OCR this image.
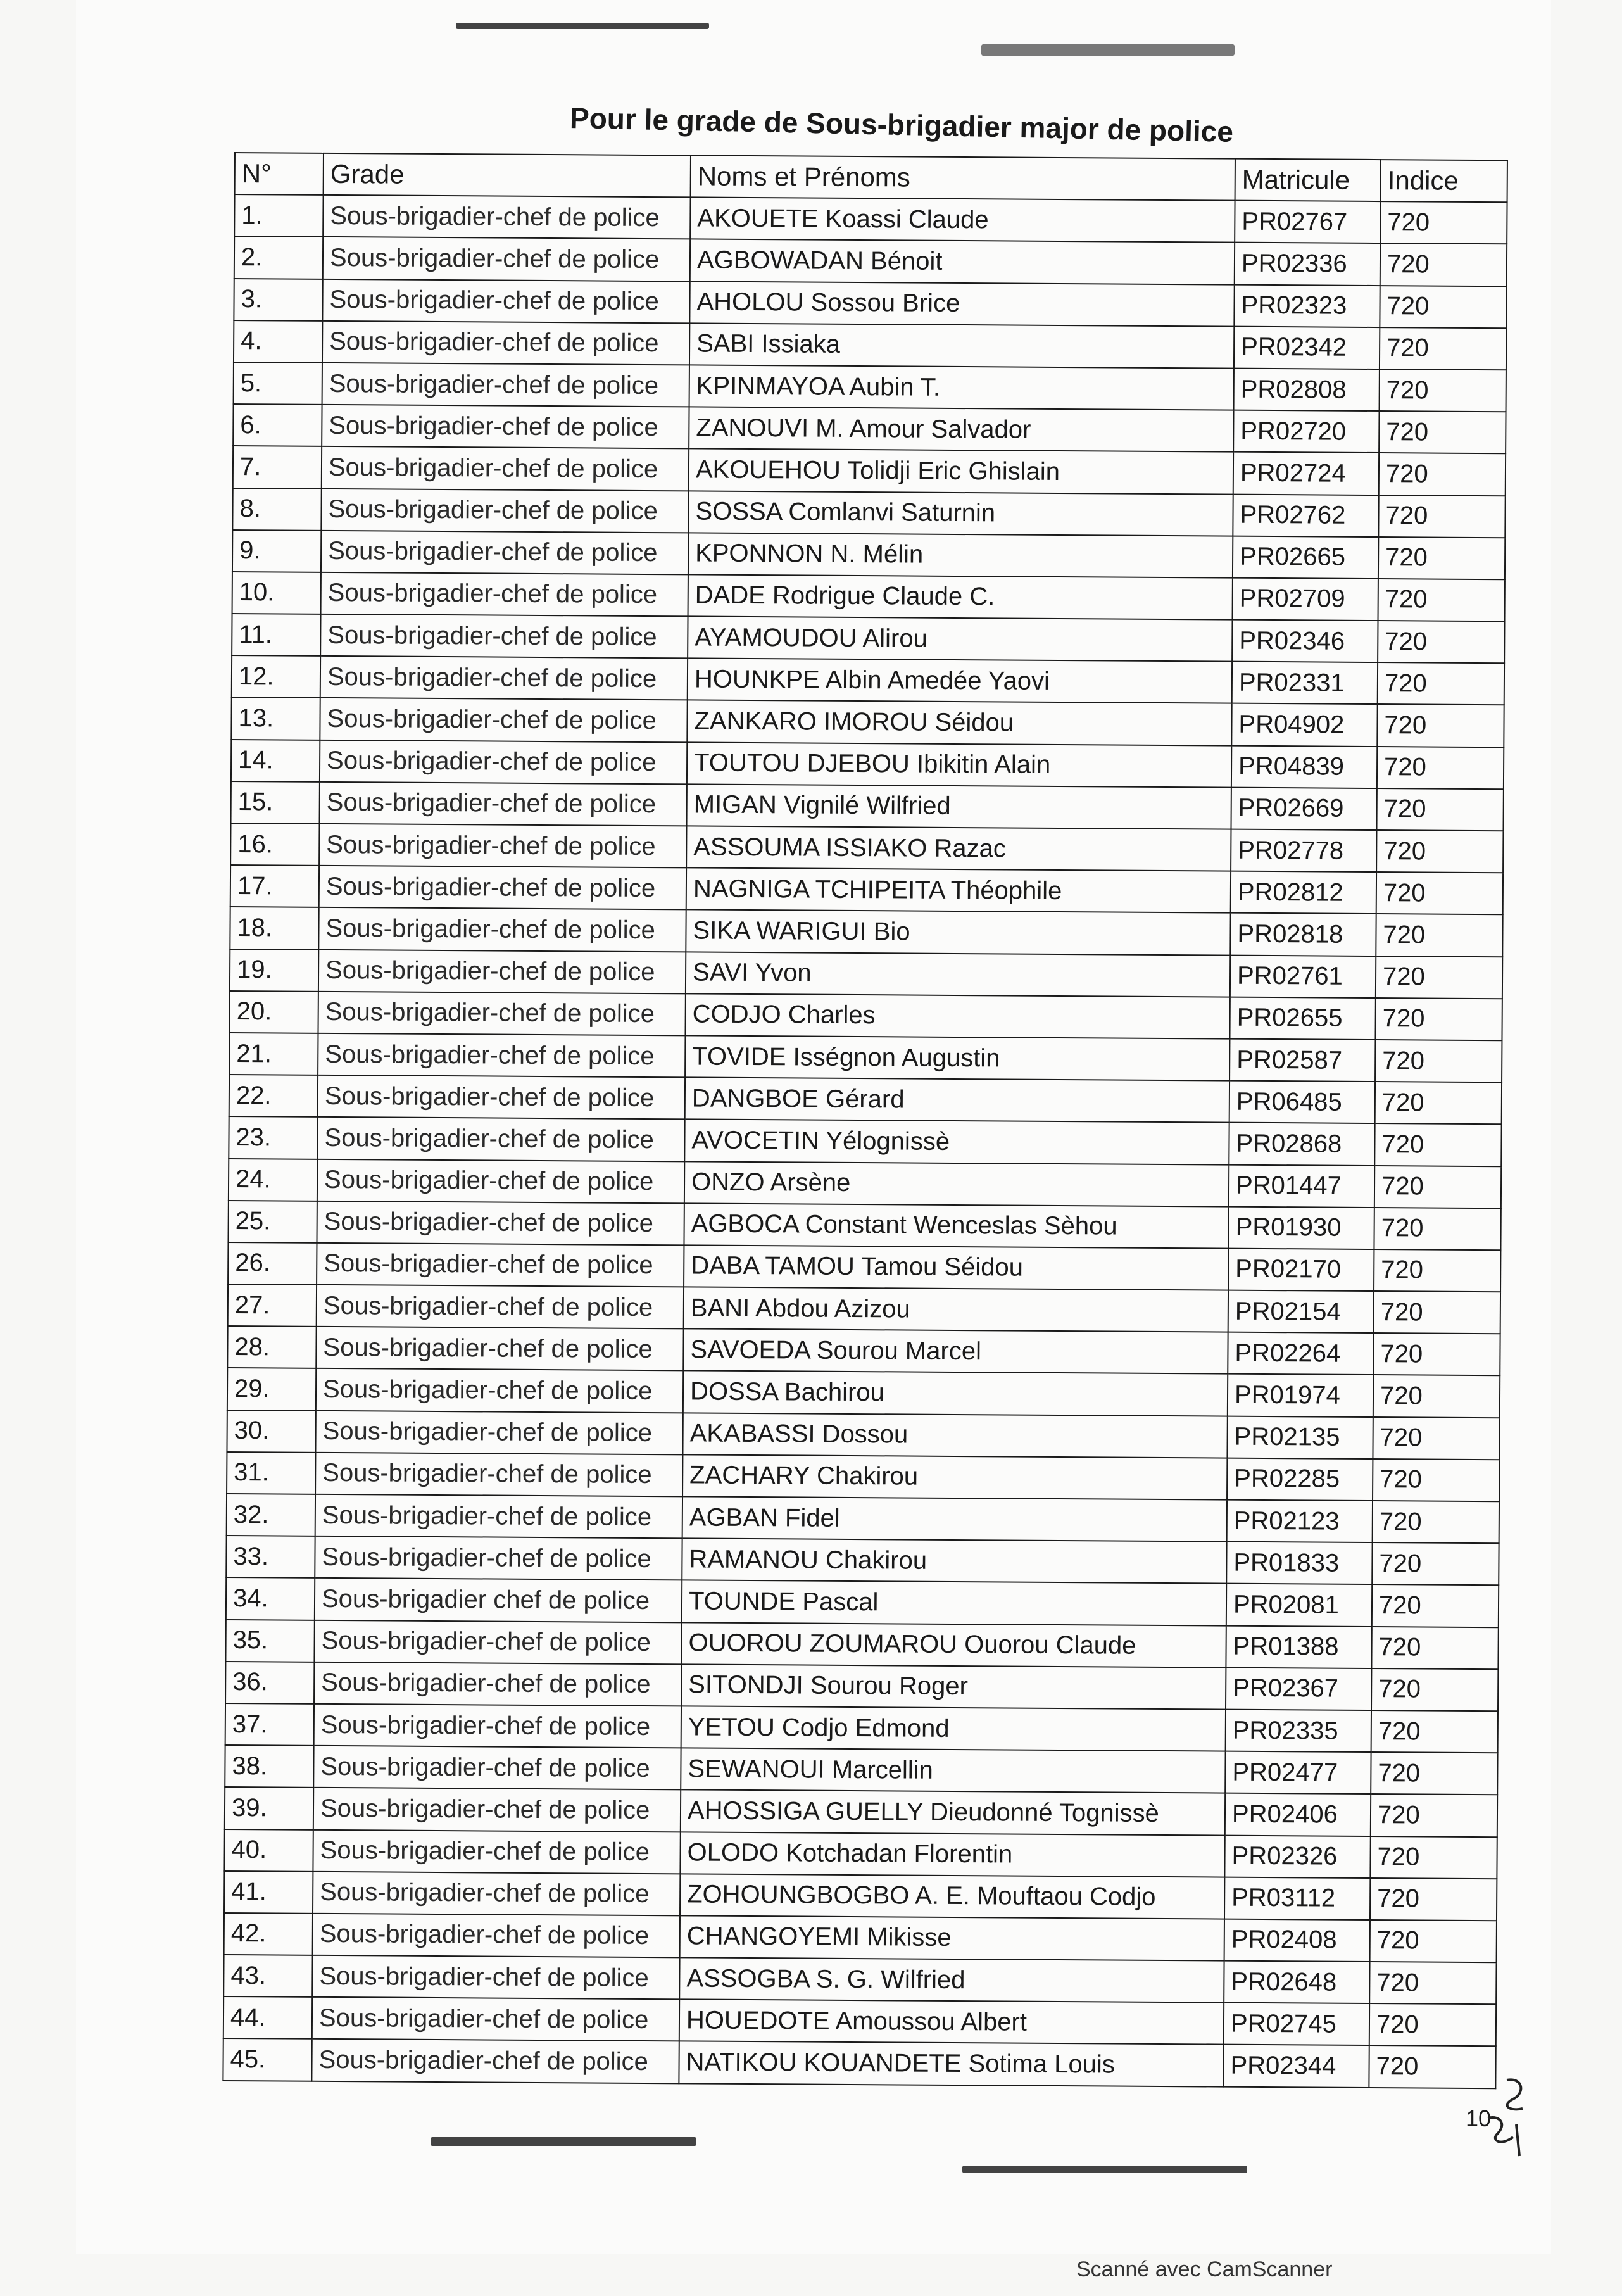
Pour le grade de Sous-brigadier major de police
N°	Grade	Noms et Prénoms	Matricule	Indice
1.	Sous-brigadier-chef de police	AKOUETE Koassi Claude	PR02767	720
2.	Sous-brigadier-chef de police	AGBOWADAN Bénoit	PR02336	720
3.	Sous-brigadier-chef de police	AHOLOU Sossou Brice	PR02323	720
4.	Sous-brigadier-chef de police	SABI Issiaka	PR02342	720
5.	Sous-brigadier-chef de police	KPINMAYOA Aubin T.	PR02808	720
6.	Sous-brigadier-chef de police	ZANOUVI M. Amour Salvador	PR02720	720
7.	Sous-brigadier-chef de police	AKOUEHOU Tolidji Eric Ghislain	PR02724	720
8.	Sous-brigadier-chef de police	SOSSA Comlanvi Saturnin	PR02762	720
9.	Sous-brigadier-chef de police	KPONNON N. Mélin	PR02665	720
10.	Sous-brigadier-chef de police	DADE Rodrigue Claude C.	PR02709	720
11.	Sous-brigadier-chef de police	AYAMOUDOU Alirou	PR02346	720
12.	Sous-brigadier-chef de police	HOUNKPE Albin Amedée Yaovi	PR02331	720
13.	Sous-brigadier-chef de police	ZANKARO IMOROU Séidou	PR04902	720
14.	Sous-brigadier-chef de police	TOUTOU DJEBOU Ibikitin Alain	PR04839	720
15.	Sous-brigadier-chef de police	MIGAN Vignilé Wilfried	PR02669	720
16.	Sous-brigadier-chef de police	ASSOUMA ISSIAKO Razac	PR02778	720
17.	Sous-brigadier-chef de police	NAGNIGA TCHIPEITA Théophile	PR02812	720
18.	Sous-brigadier-chef de police	SIKA WARIGUI Bio	PR02818	720
19.	Sous-brigadier-chef de police	SAVI Yvon	PR02761	720
20.	Sous-brigadier-chef de police	CODJO Charles	PR02655	720
21.	Sous-brigadier-chef de police	TOVIDE Isségnon Augustin	PR02587	720
22.	Sous-brigadier-chef de police	DANGBOE Gérard	PR06485	720
23.	Sous-brigadier-chef de police	AVOCETIN Yélognissè	PR02868	720
24.	Sous-brigadier-chef de police	ONZO Arsène	PR01447	720
25.	Sous-brigadier-chef de police	AGBOCA Constant Wenceslas Sèhou	PR01930	720
26.	Sous-brigadier-chef de police	DABA TAMOU Tamou Séidou	PR02170	720
27.	Sous-brigadier-chef de police	BANI Abdou Azizou	PR02154	720
28.	Sous-brigadier-chef de police	SAVOEDA Sourou Marcel	PR02264	720
29.	Sous-brigadier-chef de police	DOSSA Bachirou	PR01974	720
30.	Sous-brigadier-chef de police	AKABASSI Dossou	PR02135	720
31.	Sous-brigadier-chef de police	ZACHARY Chakirou	PR02285	720
32.	Sous-brigadier-chef de police	AGBAN Fidel	PR02123	720
33.	Sous-brigadier-chef de police	RAMANOU Chakirou	PR01833	720
34.	Sous-brigadier chef de police	TOUNDE Pascal	PR02081	720
35.	Sous-brigadier-chef de police	OUOROU ZOUMAROU Ouorou Claude	PR01388	720
36.	Sous-brigadier-chef de police	SITONDJI Sourou Roger	PR02367	720
37.	Sous-brigadier-chef de police	YETOU Codjo Edmond	PR02335	720
38.	Sous-brigadier-chef de police	SEWANOUI Marcellin	PR02477	720
39.	Sous-brigadier-chef de police	AHOSSIGA GUELLY Dieudonné Tognissè	PR02406	720
40.	Sous-brigadier-chef de police	OLODO Kotchadan Florentin	PR02326	720
41.	Sous-brigadier-chef de police	ZOHOUNGBOGBO A. E. Mouftaou Codjo	PR03112	720
42.	Sous-brigadier-chef de police	CHANGOYEMI Mikisse	PR02408	720
43.	Sous-brigadier-chef de police	ASSOGBA S. G. Wilfried	PR02648	720
44.	Sous-brigadier-chef de police	HOUEDOTE Amoussou Albert	PR02745	720
45.	Sous-brigadier-chef de police	NATIKOU KOUANDETE Sotima Louis	PR02344	720
10
Scanné avec CamScanner
